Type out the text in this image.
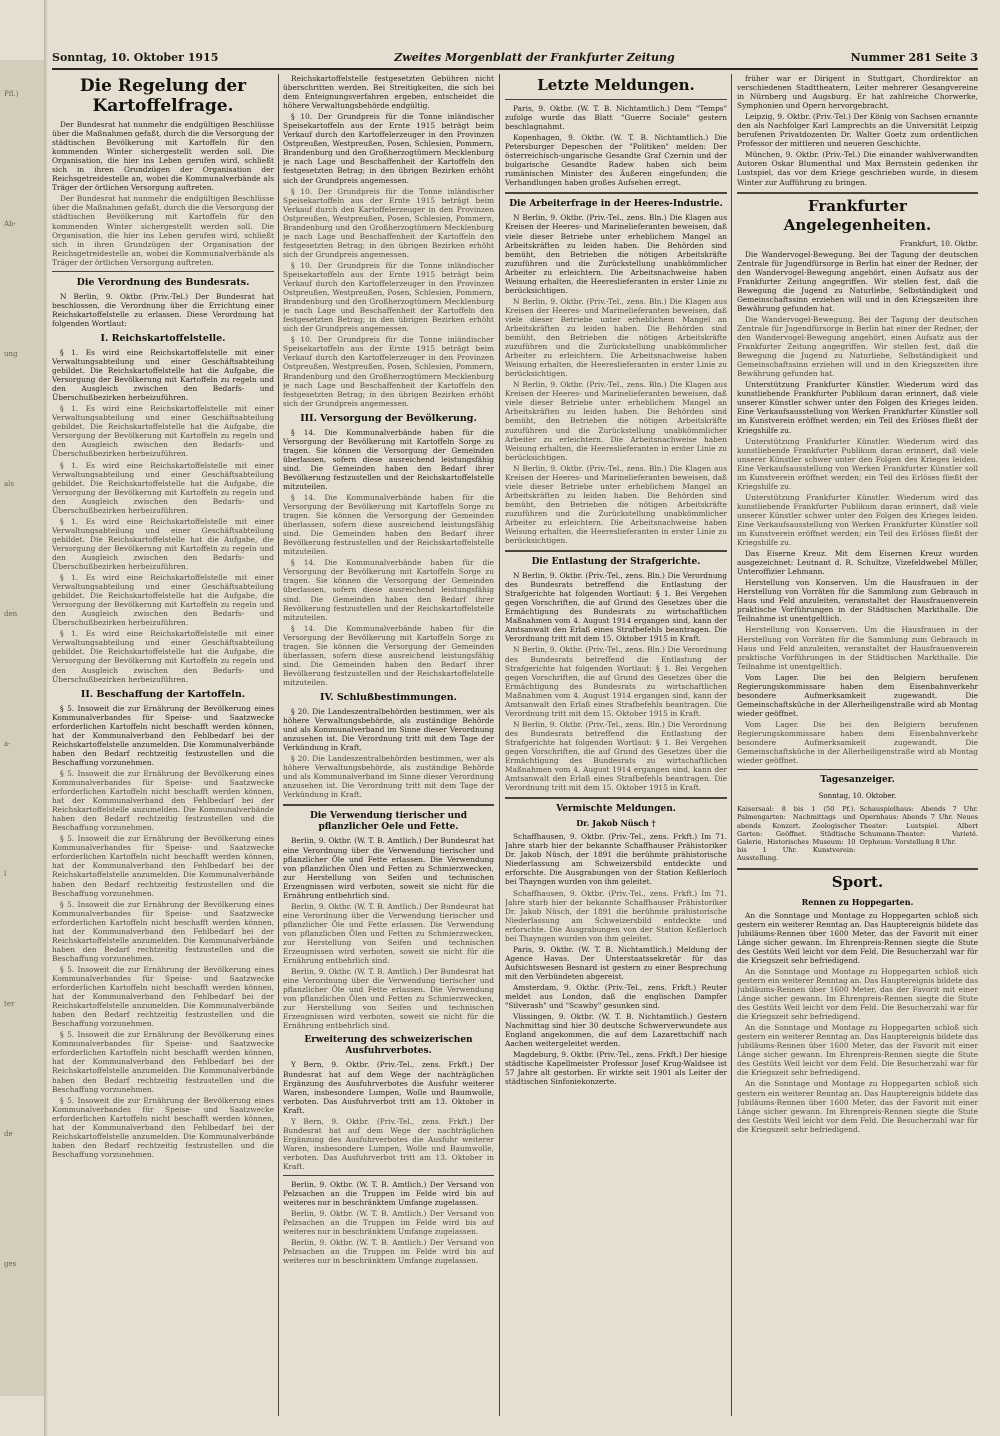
Pfl.)
Ab-
ung
als
den
a-
l
ter
de
ges
Sonntag, 10. Oktober 1915	Zweites Morgenblatt der Frankfurter Zeitung	Nummer 281 Seite 3
Die Regelung der Kartoffelfrage.

Der Bundesrat hat nunmehr die endgültigen Beschlüsse über die Maßnahmen gefaßt, durch die die Versorgung der städtischen Bevölkerung mit Kartoffeln für den kommenden Winter sichergestellt werden soll. Die Organisation, die hier ins Leben gerufen wird, schließt sich in ihren Grundzügen der Organisation der Reichsgetreidestelle an, wobei die Kommunalverbände als Träger der örtlichen Versorgung auftreten.

Der Bundesrat hat nunmehr die endgültigen Beschlüsse über die Maßnahmen gefaßt, durch die die Versorgung der städtischen Bevölkerung mit Kartoffeln für den kommenden Winter sichergestellt werden soll. Die Organisation, die hier ins Leben gerufen wird, schließt sich in ihren Grundzügen der Organisation der Reichsgetreidestelle an, wobei die Kommunalverbände als Träger der örtlichen Versorgung auftreten.

Die Verordnung des Bundesrats.

N Berlin, 9. Oktbr. (Priv.-Tel.) Der Bundesrat hat beschlossen, die Verordnung über die Errichtung einer Reichskartoffelstelle zu erlassen. Diese Verordnung hat folgenden Wortlaut:

I. Reichskartoffelstelle.

§ 1. Es wird eine Reichskartoffelstelle mit einer Verwaltungsabteilung und einer Geschäftsabteilung gebildet. Die Reichskartoffelstelle hat die Aufgabe, die Versorgung der Bevölkerung mit Kartoffeln zu regeln und den Ausgleich zwischen den Bedarfs- und Überschußbezirken herbeizuführen.

§ 1. Es wird eine Reichskartoffelstelle mit einer Verwaltungsabteilung und einer Geschäftsabteilung gebildet. Die Reichskartoffelstelle hat die Aufgabe, die Versorgung der Bevölkerung mit Kartoffeln zu regeln und den Ausgleich zwischen den Bedarfs- und Überschußbezirken herbeizuführen.

§ 1. Es wird eine Reichskartoffelstelle mit einer Verwaltungsabteilung und einer Geschäftsabteilung gebildet. Die Reichskartoffelstelle hat die Aufgabe, die Versorgung der Bevölkerung mit Kartoffeln zu regeln und den Ausgleich zwischen den Bedarfs- und Überschußbezirken herbeizuführen.

§ 1. Es wird eine Reichskartoffelstelle mit einer Verwaltungsabteilung und einer Geschäftsabteilung gebildet. Die Reichskartoffelstelle hat die Aufgabe, die Versorgung der Bevölkerung mit Kartoffeln zu regeln und den Ausgleich zwischen den Bedarfs- und Überschußbezirken herbeizuführen.

§ 1. Es wird eine Reichskartoffelstelle mit einer Verwaltungsabteilung und einer Geschäftsabteilung gebildet. Die Reichskartoffelstelle hat die Aufgabe, die Versorgung der Bevölkerung mit Kartoffeln zu regeln und den Ausgleich zwischen den Bedarfs- und Überschußbezirken herbeizuführen.

§ 1. Es wird eine Reichskartoffelstelle mit einer Verwaltungsabteilung und einer Geschäftsabteilung gebildet. Die Reichskartoffelstelle hat die Aufgabe, die Versorgung der Bevölkerung mit Kartoffeln zu regeln und den Ausgleich zwischen den Bedarfs- und Überschußbezirken herbeizuführen.

II. Beschaffung der Kartoffeln.

§ 5. Insoweit die zur Ernährung der Bevölkerung eines Kommunalverbandes für Speise- und Saatzwecke erforderlichen Kartoffeln nicht beschafft werden können, hat der Kommunalverband den Fehlbedarf bei der Reichskartoffelstelle anzumelden. Die Kommunalverbände haben den Bedarf rechtzeitig festzustellen und die Beschaffung vorzunehmen.

§ 5. Insoweit die zur Ernährung der Bevölkerung eines Kommunalverbandes für Speise- und Saatzwecke erforderlichen Kartoffeln nicht beschafft werden können, hat der Kommunalverband den Fehlbedarf bei der Reichskartoffelstelle anzumelden. Die Kommunalverbände haben den Bedarf rechtzeitig festzustellen und die Beschaffung vorzunehmen.

§ 5. Insoweit die zur Ernährung der Bevölkerung eines Kommunalverbandes für Speise- und Saatzwecke erforderlichen Kartoffeln nicht beschafft werden können, hat der Kommunalverband den Fehlbedarf bei der Reichskartoffelstelle anzumelden. Die Kommunalverbände haben den Bedarf rechtzeitig festzustellen und die Beschaffung vorzunehmen.

§ 5. Insoweit die zur Ernährung der Bevölkerung eines Kommunalverbandes für Speise- und Saatzwecke erforderlichen Kartoffeln nicht beschafft werden können, hat der Kommunalverband den Fehlbedarf bei der Reichskartoffelstelle anzumelden. Die Kommunalverbände haben den Bedarf rechtzeitig festzustellen und die Beschaffung vorzunehmen.

§ 5. Insoweit die zur Ernährung der Bevölkerung eines Kommunalverbandes für Speise- und Saatzwecke erforderlichen Kartoffeln nicht beschafft werden können, hat der Kommunalverband den Fehlbedarf bei der Reichskartoffelstelle anzumelden. Die Kommunalverbände haben den Bedarf rechtzeitig festzustellen und die Beschaffung vorzunehmen.

§ 5. Insoweit die zur Ernährung der Bevölkerung eines Kommunalverbandes für Speise- und Saatzwecke erforderlichen Kartoffeln nicht beschafft werden können, hat der Kommunalverband den Fehlbedarf bei der Reichskartoffelstelle anzumelden. Die Kommunalverbände haben den Bedarf rechtzeitig festzustellen und die Beschaffung vorzunehmen.

§ 5. Insoweit die zur Ernährung der Bevölkerung eines Kommunalverbandes für Speise- und Saatzwecke erforderlichen Kartoffeln nicht beschafft werden können, hat der Kommunalverband den Fehlbedarf bei der Reichskartoffelstelle anzumelden. Die Kommunalverbände haben den Bedarf rechtzeitig festzustellen und die Beschaffung vorzunehmen.

Reichskartoffelstelle festgesetzten Gebühren nicht überschritten werden. Bei Streitigkeiten, die sich bei dem Enteignungsverfahren ergeben, entscheidet die höhere Verwaltungsbehörde endgültig.

§ 10. Der Grundpreis für die Tonne inländischer Speisekartoffeln aus der Ernte 1915 beträgt beim Verkauf durch den Kartoffelerzeuger in den Provinzen Ostpreußen, Westpreußen, Posen, Schlesien, Pommern, Brandenburg und den Großherzogtümern Mecklenburg je nach Lage und Beschaffenheit der Kartoffeln den festgesetzten Betrag; in den übrigen Bezirken erhöht sich der Grundpreis angemessen.

§ 10. Der Grundpreis für die Tonne inländischer Speisekartoffeln aus der Ernte 1915 beträgt beim Verkauf durch den Kartoffelerzeuger in den Provinzen Ostpreußen, Westpreußen, Posen, Schlesien, Pommern, Brandenburg und den Großherzogtümern Mecklenburg je nach Lage und Beschaffenheit der Kartoffeln den festgesetzten Betrag; in den übrigen Bezirken erhöht sich der Grundpreis angemessen.

§ 10. Der Grundpreis für die Tonne inländischer Speisekartoffeln aus der Ernte 1915 beträgt beim Verkauf durch den Kartoffelerzeuger in den Provinzen Ostpreußen, Westpreußen, Posen, Schlesien, Pommern, Brandenburg und den Großherzogtümern Mecklenburg je nach Lage und Beschaffenheit der Kartoffeln den festgesetzten Betrag; in den übrigen Bezirken erhöht sich der Grundpreis angemessen.

§ 10. Der Grundpreis für die Tonne inländischer Speisekartoffeln aus der Ernte 1915 beträgt beim Verkauf durch den Kartoffelerzeuger in den Provinzen Ostpreußen, Westpreußen, Posen, Schlesien, Pommern, Brandenburg und den Großherzogtümern Mecklenburg je nach Lage und Beschaffenheit der Kartoffeln den festgesetzten Betrag; in den übrigen Bezirken erhöht sich der Grundpreis angemessen.

III. Versorgung der Bevölkerung.

§ 14. Die Kommunalverbände haben für die Versorgung der Bevölkerung mit Kartoffeln Sorge zu tragen. Sie können die Versorgung der Gemeinden überlassen, sofern diese ausreichend leistungsfähig sind. Die Gemeinden haben den Bedarf ihrer Bevölkerung festzustellen und der Reichskartoffelstelle mitzuteilen.

§ 14. Die Kommunalverbände haben für die Versorgung der Bevölkerung mit Kartoffeln Sorge zu tragen. Sie können die Versorgung der Gemeinden überlassen, sofern diese ausreichend leistungsfähig sind. Die Gemeinden haben den Bedarf ihrer Bevölkerung festzustellen und der Reichskartoffelstelle mitzuteilen.

§ 14. Die Kommunalverbände haben für die Versorgung der Bevölkerung mit Kartoffeln Sorge zu tragen. Sie können die Versorgung der Gemeinden überlassen, sofern diese ausreichend leistungsfähig sind. Die Gemeinden haben den Bedarf ihrer Bevölkerung festzustellen und der Reichskartoffelstelle mitzuteilen.

§ 14. Die Kommunalverbände haben für die Versorgung der Bevölkerung mit Kartoffeln Sorge zu tragen. Sie können die Versorgung der Gemeinden überlassen, sofern diese ausreichend leistungsfähig sind. Die Gemeinden haben den Bedarf ihrer Bevölkerung festzustellen und der Reichskartoffelstelle mitzuteilen.

IV. Schlußbestimmungen.

§ 20. Die Landeszentralbehörden bestimmen, wer als höhere Verwaltungsbehörde, als zuständige Behörde und als Kommunalverband im Sinne dieser Verordnung anzusehen ist. Die Verordnung tritt mit dem Tage der Verkündung in Kraft.

§ 20. Die Landeszentralbehörden bestimmen, wer als höhere Verwaltungsbehörde, als zuständige Behörde und als Kommunalverband im Sinne dieser Verordnung anzusehen ist. Die Verordnung tritt mit dem Tage der Verkündung in Kraft.

Die Verwendung tierischer und pflanzlicher Oele und Fette.

Berlin, 9. Oktbr. (W. T. B. Amtlich.) Der Bundesrat hat eine Verordnung über die Verwendung tierischer und pflanzlicher Öle und Fette erlassen. Die Verwendung von pflanzlichen Ölen und Fetten zu Schmierzwecken, zur Herstellung von Seifen und technischen Erzeugnissen wird verboten, soweit sie nicht für die Ernährung entbehrlich sind.

Berlin, 9. Oktbr. (W. T. B. Amtlich.) Der Bundesrat hat eine Verordnung über die Verwendung tierischer und pflanzlicher Öle und Fette erlassen. Die Verwendung von pflanzlichen Ölen und Fetten zu Schmierzwecken, zur Herstellung von Seifen und technischen Erzeugnissen wird verboten, soweit sie nicht für die Ernährung entbehrlich sind.

Berlin, 9. Oktbr. (W. T. B. Amtlich.) Der Bundesrat hat eine Verordnung über die Verwendung tierischer und pflanzlicher Öle und Fette erlassen. Die Verwendung von pflanzlichen Ölen und Fetten zu Schmierzwecken, zur Herstellung von Seifen und technischen Erzeugnissen wird verboten, soweit sie nicht für die Ernährung entbehrlich sind.

Erweiterung des schweizerischen Ausfuhrverbotes.

Y Bern, 9. Oktbr. (Priv.-Tel., zens. Frkft.) Der Bundesrat hat auf dem Wege der nachträglichen Ergänzung des Ausfuhrverbotes die Ausfuhr weiterer Waren, insbesondere Lumpen, Wolle und Baumwolle, verboten. Das Ausfuhrverbot tritt am 13. Oktober in Kraft.

Y Bern, 9. Oktbr. (Priv.-Tel., zens. Frkft.) Der Bundesrat hat auf dem Wege der nachträglichen Ergänzung des Ausfuhrverbotes die Ausfuhr weiterer Waren, insbesondere Lumpen, Wolle und Baumwolle, verboten. Das Ausfuhrverbot tritt am 13. Oktober in Kraft.

Berlin, 9. Oktbr. (W. T. B. Amtlich.) Der Versand von Pelzsachen an die Truppen im Felde wird bis auf weiteres nur in beschränktem Umfange zugelassen.

Berlin, 9. Oktbr. (W. T. B. Amtlich.) Der Versand von Pelzsachen an die Truppen im Felde wird bis auf weiteres nur in beschränktem Umfange zugelassen.

Berlin, 9. Oktbr. (W. T. B. Amtlich.) Der Versand von Pelzsachen an die Truppen im Felde wird bis auf weiteres nur in beschränktem Umfange zugelassen.

Letzte Meldungen.

Paris, 9. Oktbr. (W. T. B. Nichtamtlich.) Dem "Temps" zufolge wurde das Blatt "Guerre Sociale" gestern beschlagnahmt.

Kopenhagen, 9. Oktbr. (W. T. B. Nichtamtlich.) Die Petersburger Depeschen der "Politiken" melden: Der österreichisch-ungarische Gesandte Graf Czernin und der bulgarische Gesandte Radew haben sich beim rumänischen Minister des Äußeren eingefunden; die Verhandlungen haben großes Aufsehen erregt.

Die Arbeiterfrage in der Heeres-Industrie.

N Berlin, 9. Oktbr. (Priv.-Tel., zens. Bln.) Die Klagen aus Kreisen der Heeres- und Marinelieferanten beweisen, daß viele dieser Betriebe unter erheblichem Mangel an Arbeitskräften zu leiden haben. Die Behörden sind bemüht, den Betrieben die nötigen Arbeitskräfte zuzuführen und die Zurückstellung unabkömmlicher Arbeiter zu erleichtern. Die Arbeitsnachweise haben Weisung erhalten, die Heereslieferanten in erster Linie zu berücksichtigen.

N Berlin, 9. Oktbr. (Priv.-Tel., zens. Bln.) Die Klagen aus Kreisen der Heeres- und Marinelieferanten beweisen, daß viele dieser Betriebe unter erheblichem Mangel an Arbeitskräften zu leiden haben. Die Behörden sind bemüht, den Betrieben die nötigen Arbeitskräfte zuzuführen und die Zurückstellung unabkömmlicher Arbeiter zu erleichtern. Die Arbeitsnachweise haben Weisung erhalten, die Heereslieferanten in erster Linie zu berücksichtigen.

N Berlin, 9. Oktbr. (Priv.-Tel., zens. Bln.) Die Klagen aus Kreisen der Heeres- und Marinelieferanten beweisen, daß viele dieser Betriebe unter erheblichem Mangel an Arbeitskräften zu leiden haben. Die Behörden sind bemüht, den Betrieben die nötigen Arbeitskräfte zuzuführen und die Zurückstellung unabkömmlicher Arbeiter zu erleichtern. Die Arbeitsnachweise haben Weisung erhalten, die Heereslieferanten in erster Linie zu berücksichtigen.

N Berlin, 9. Oktbr. (Priv.-Tel., zens. Bln.) Die Klagen aus Kreisen der Heeres- und Marinelieferanten beweisen, daß viele dieser Betriebe unter erheblichem Mangel an Arbeitskräften zu leiden haben. Die Behörden sind bemüht, den Betrieben die nötigen Arbeitskräfte zuzuführen und die Zurückstellung unabkömmlicher Arbeiter zu erleichtern. Die Arbeitsnachweise haben Weisung erhalten, die Heereslieferanten in erster Linie zu berücksichtigen.

Die Entlastung der Strafgerichte.

N Berlin, 9. Oktbr. (Priv.-Tel., zens. Bln.) Die Verordnung des Bundesrats betreffend die Entlastung der Strafgerichte hat folgenden Wortlaut: § 1. Bei Vergehen gegen Vorschriften, die auf Grund des Gesetzes über die Ermächtigung des Bundesrats zu wirtschaftlichen Maßnahmen vom 4. August 1914 ergangen sind, kann der Amtsanwalt den Erlaß eines Strafbefehls beantragen. Die Verordnung tritt mit dem 15. Oktober 1915 in Kraft.

N Berlin, 9. Oktbr. (Priv.-Tel., zens. Bln.) Die Verordnung des Bundesrats betreffend die Entlastung der Strafgerichte hat folgenden Wortlaut: § 1. Bei Vergehen gegen Vorschriften, die auf Grund des Gesetzes über die Ermächtigung des Bundesrats zu wirtschaftlichen Maßnahmen vom 4. August 1914 ergangen sind, kann der Amtsanwalt den Erlaß eines Strafbefehls beantragen. Die Verordnung tritt mit dem 15. Oktober 1915 in Kraft.

N Berlin, 9. Oktbr. (Priv.-Tel., zens. Bln.) Die Verordnung des Bundesrats betreffend die Entlastung der Strafgerichte hat folgenden Wortlaut: § 1. Bei Vergehen gegen Vorschriften, die auf Grund des Gesetzes über die Ermächtigung des Bundesrats zu wirtschaftlichen Maßnahmen vom 4. August 1914 ergangen sind, kann der Amtsanwalt den Erlaß eines Strafbefehls beantragen. Die Verordnung tritt mit dem 15. Oktober 1915 in Kraft.

Vermischte Meldungen.
Dr. Jakob Nüsch †

Schaffhausen, 9. Oktbr. (Priv.-Tel., zens. Frkft.) Im 71. Jahre starb hier der bekannte Schaffhauser Prähistoriker Dr. Jakob Nüsch, der 1891 die berühmte prähistorische Niederlassung am Schweizersbild entdeckte und erforschte. Die Ausgrabungen von der Station Keßlerloch bei Thayngen wurden von ihm geleitet.

Schaffhausen, 9. Oktbr. (Priv.-Tel., zens. Frkft.) Im 71. Jahre starb hier der bekannte Schaffhauser Prähistoriker Dr. Jakob Nüsch, der 1891 die berühmte prähistorische Niederlassung am Schweizersbild entdeckte und erforschte. Die Ausgrabungen von der Station Keßlerloch bei Thayngen wurden von ihm geleitet.

Paris, 9. Oktbr. (W. T. B. Nichtamtlich.) Meldung der Agence Havas. Der Unterstaatssekretär für das Aufsichtswesen Besnard ist gestern zu einer Besprechung mit den Verbündeten abgereist.

Amsterdam, 9. Oktbr. (Priv.-Tel., zens. Frkft.) Reuter meldet aus London, daß die englischen Dampfer "Silverash" und "Scawby" gesunken sind.

Vlissingen, 9. Oktbr. (W. T. B. Nichtamtlich.) Gestern Nachmittag sind hier 30 deutsche Schwerverwundete aus England angekommen, die auf dem Lazarettschiff nach Aachen weitergeleitet werden.

Magdeburg, 9. Oktbr. (Priv.-Tel., zens. Frkft.) Der hiesige städtische Kapellmeister Professor Josef Krug-Waldsee ist 57 Jahre alt gestorben. Er wirkte seit 1901 als Leiter der städtischen Sinfoniekonzerte.

früher war er Dirigent in Stuttgart, Chordirektor an verschiedenen Stadttheatern, Leiter mehrerer Gesangvereine in Nürnberg und Augsburg. Er hat zahlreiche Chorwerke, Symphonien und Opern hervorgebracht.

Leipzig, 9. Oktbr. (Priv.-Tel.) Der König von Sachsen ernannte den als Nachfolger Karl Lamprechts an die Universität Leipzig berufenen Privatdozenten Dr. Walter Goetz zum ordentlichen Professor der mittleren und neueren Geschichte.

München, 9. Oktbr. (Priv.-Tel.) Die einander wahlverwandten Autoren Oskar Blumenthal und Max Bernstein gedenken ihr Lustspiel, das vor dem Kriege geschrieben wurde, in diesem Winter zur Aufführung zu bringen.

Frankfurter Angelegenheiten.
Frankfurt, 10. Oktbr.

Die Wandervogel-Bewegung. Bei der Tagung der deutschen Zentrale für Jugendfürsorge in Berlin hat einer der Redner, der den Wandervogel-Bewegung angehört, einen Aufsatz aus der Frankfurter Zeitung angegriffen. Wir stellen fest, daß die Bewegung die Jugend zu Naturliebe, Selbständigkeit und Gemeinschaftssinn erziehen will und in den Kriegszeiten ihre Bewährung gefunden hat.

Die Wandervogel-Bewegung. Bei der Tagung der deutschen Zentrale für Jugendfürsorge in Berlin hat einer der Redner, der den Wandervogel-Bewegung angehört, einen Aufsatz aus der Frankfurter Zeitung angegriffen. Wir stellen fest, daß die Bewegung die Jugend zu Naturliebe, Selbständigkeit und Gemeinschaftssinn erziehen will und in den Kriegszeiten ihre Bewährung gefunden hat.

Unterstützung Frankfurter Künstler. Wiederum wird das kunstliebende Frankfurter Publikum daran erinnert, daß viele unserer Künstler schwer unter den Folgen des Krieges leiden. Eine Verkaufsausstellung von Werken Frankfurter Künstler soll im Kunstverein eröffnet werden; ein Teil des Erlöses fließt der Kriegshilfe zu.

Unterstützung Frankfurter Künstler. Wiederum wird das kunstliebende Frankfurter Publikum daran erinnert, daß viele unserer Künstler schwer unter den Folgen des Krieges leiden. Eine Verkaufsausstellung von Werken Frankfurter Künstler soll im Kunstverein eröffnet werden; ein Teil des Erlöses fließt der Kriegshilfe zu.

Unterstützung Frankfurter Künstler. Wiederum wird das kunstliebende Frankfurter Publikum daran erinnert, daß viele unserer Künstler schwer unter den Folgen des Krieges leiden. Eine Verkaufsausstellung von Werken Frankfurter Künstler soll im Kunstverein eröffnet werden; ein Teil des Erlöses fließt der Kriegshilfe zu.

Das Eiserne Kreuz. Mit dem Eisernen Kreuz wurden ausgezeichnet: Leutnant d. R. Schultze, Vizefeldwebel Müller, Unteroffizier Lehmann.

Herstellung von Konserven. Um die Hausfrauen in der Herstellung von Vorräten für die Sammlung zum Gebrauch in Haus und Feld anzuleiten, veranstaltet der Hausfrauenverein praktische Vorführungen in der Städtischen Markthalle. Die Teilnahme ist unentgeltlich.

Herstellung von Konserven. Um die Hausfrauen in der Herstellung von Vorräten für die Sammlung zum Gebrauch in Haus und Feld anzuleiten, veranstaltet der Hausfrauenverein praktische Vorführungen in der Städtischen Markthalle. Die Teilnahme ist unentgeltlich.

Vom Lager. Die bei den Belgiern berufenen Regierungskommissare haben dem Eisenbahnverkehr besondere Aufmerksamkeit zugewandt. Die Gemeinschaftsküche in der Allerheiligenstraße wird ab Montag wieder geöffnet.

Vom Lager. Die bei den Belgiern berufenen Regierungskommissare haben dem Eisenbahnverkehr besondere Aufmerksamkeit zugewandt. Die Gemeinschaftsküche in der Allerheiligenstraße wird ab Montag wieder geöffnet.

Tagesanzeiger.
Sonntag, 10. Oktober.
Kaisersaal: 8 bis 1 (50 Pf.). Palmengarten: Nachmittags und abends Konzert. Zoologischer Garten: Geöffnet. Städtische Galerie, Historisches Museum: 10 bis 1 Uhr. Kunstverein: Ausstellung.
Schauspielhaus: Abends 7 Uhr. Opernhaus: Abends 7 Uhr. Neues Theater: Lustspiel. Albert Schumann-Theater: Varieté. Orpheum: Vorstellung 8 Uhr.
Sport.
Rennen zu Hoppegarten.

An die Sonntage und Montage zu Hoppegarten schloß sich gestern ein weiterer Renntag an. Das Hauptereignis bildete das Jubiläums-Rennen über 1600 Meter, das der Favorit mit einer Länge sicher gewann. Im Ehrenpreis-Rennen siegte die Stute des Gestüts Weil leicht vor dem Feld. Die Besucherzahl war für die Kriegszeit sehr befriedigend.

An die Sonntage und Montage zu Hoppegarten schloß sich gestern ein weiterer Renntag an. Das Hauptereignis bildete das Jubiläums-Rennen über 1600 Meter, das der Favorit mit einer Länge sicher gewann. Im Ehrenpreis-Rennen siegte die Stute des Gestüts Weil leicht vor dem Feld. Die Besucherzahl war für die Kriegszeit sehr befriedigend.

An die Sonntage und Montage zu Hoppegarten schloß sich gestern ein weiterer Renntag an. Das Hauptereignis bildete das Jubiläums-Rennen über 1600 Meter, das der Favorit mit einer Länge sicher gewann. Im Ehrenpreis-Rennen siegte die Stute des Gestüts Weil leicht vor dem Feld. Die Besucherzahl war für die Kriegszeit sehr befriedigend.

An die Sonntage und Montage zu Hoppegarten schloß sich gestern ein weiterer Renntag an. Das Hauptereignis bildete das Jubiläums-Rennen über 1600 Meter, das der Favorit mit einer Länge sicher gewann. Im Ehrenpreis-Rennen siegte die Stute des Gestüts Weil leicht vor dem Feld. Die Besucherzahl war für die Kriegszeit sehr befriedigend.
